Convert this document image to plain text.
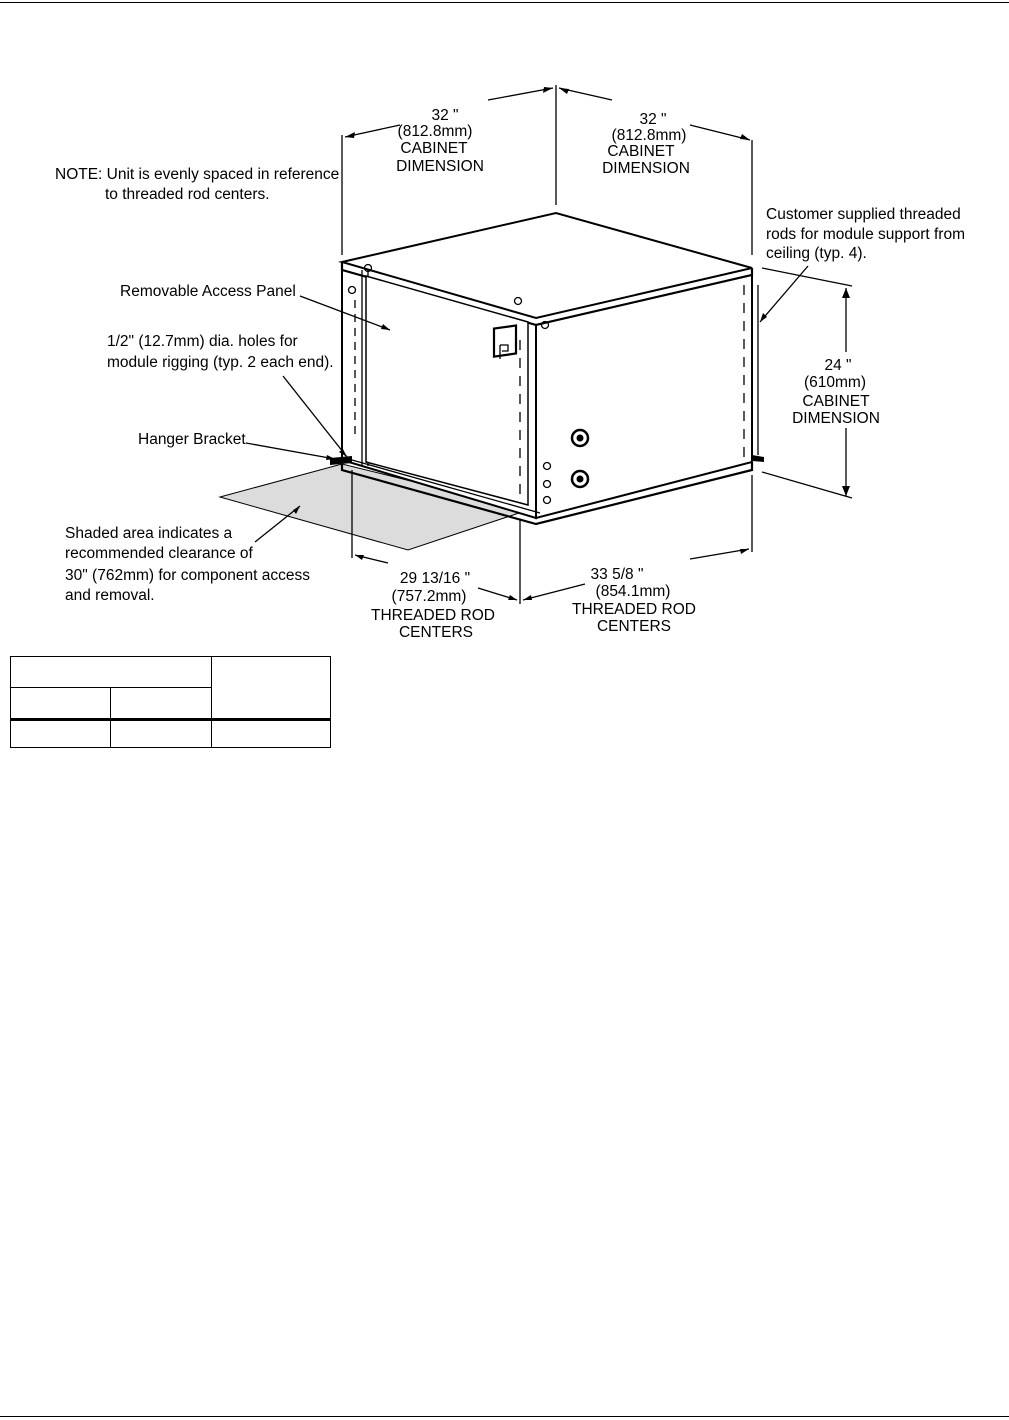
32 "
(812.8mm)
CABINET
DIMENSION
32 "
(812.8mm)
CABINET
DIMENSION
24 "
(610mm)
CABINET
DIMENSION
29 13/16 "
(757.2mm)
THREADED ROD
CENTERS
33 5/8 "
(854.1mm)
THREADED ROD
CENTERS
NOTE: Unit is evenly spaced in reference
to threaded rod centers.
Customer supplied threaded
rods for module support from
ceiling (typ. 4).
Removable Access Panel
1/2" (12.7mm) dia. holes for
module rigging (typ. 2 each end).
Hanger Bracket
Shaded area indicates a
recommended clearance of
30" (762mm) for component access
and removal.
